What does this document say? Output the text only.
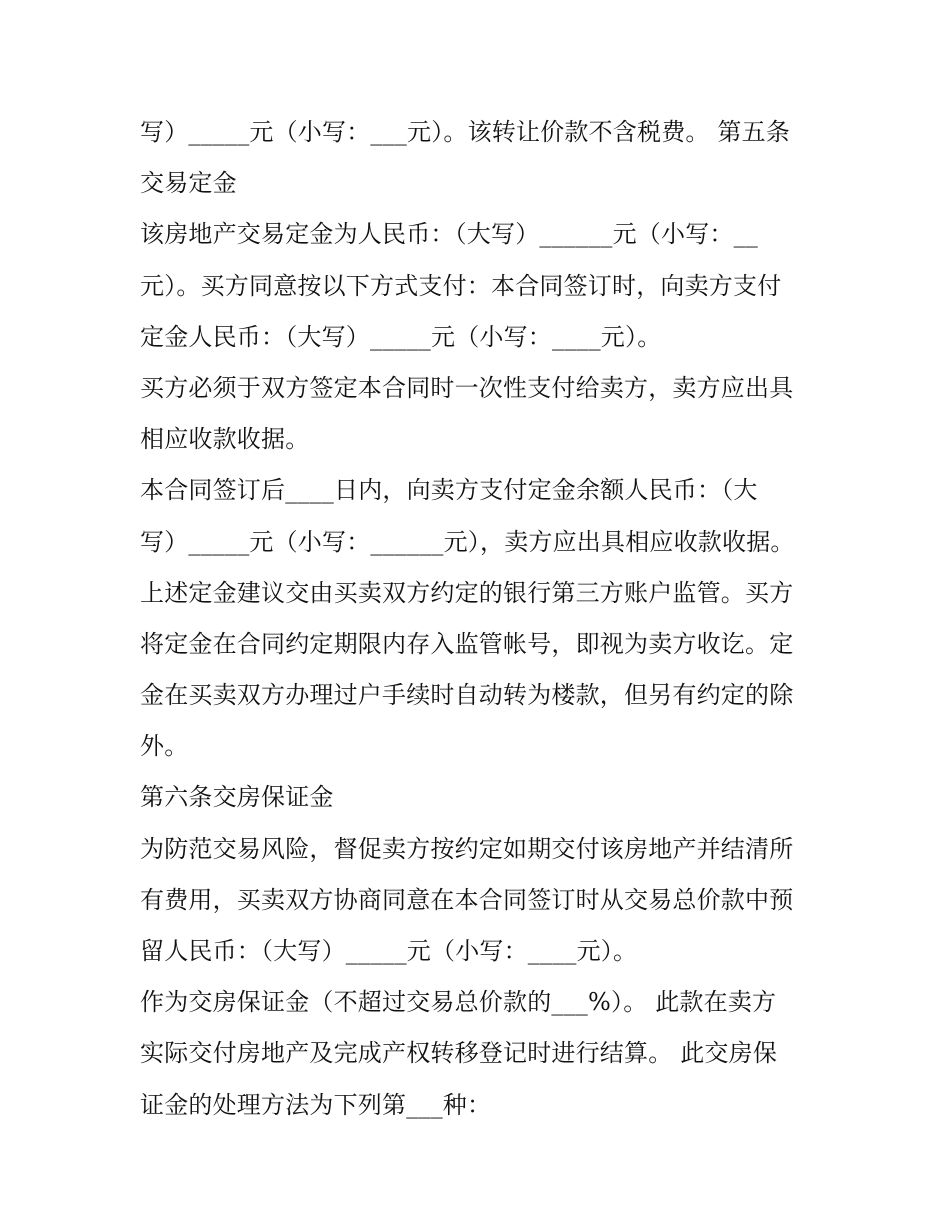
写）_____元（小写：___元）。该转让价款不含税费。 第五条
交易定金
该房地产交易定金为人民币：（大写）______元（小写：__
元）。买方同意按以下方式支付：本合同签订时，向卖方支付
定金人民币：（大写）_____元（小写：____元）。
买方必须于双方签定本合同时一次性支付给卖方，卖方应出具
相应收款收据。
本合同签订后____日内，向卖方支付定金余额人民币：（大
写）_____元（小写：______元），卖方应出具相应收款收据。
上述定金建议交由买卖双方约定的银行第三方账户监管。买方
将定金在合同约定期限内存入监管帐号，即视为卖方收讫。定
金在买卖双方办理过户手续时自动转为楼款，但另有约定的除
外。
第六条交房保证金
为防范交易风险，督促卖方按约定如期交付该房地产并结清所
有费用，买卖双方协商同意在本合同签订时从交易总价款中预
留人民币：（大写）_____元（小写：____元）。
作为交房保证金（不超过交易总价款的___%）。 此款在卖方
实际交付房地产及完成产权转移登记时进行结算。 此交房保
证金的处理方法为下列第___种：
